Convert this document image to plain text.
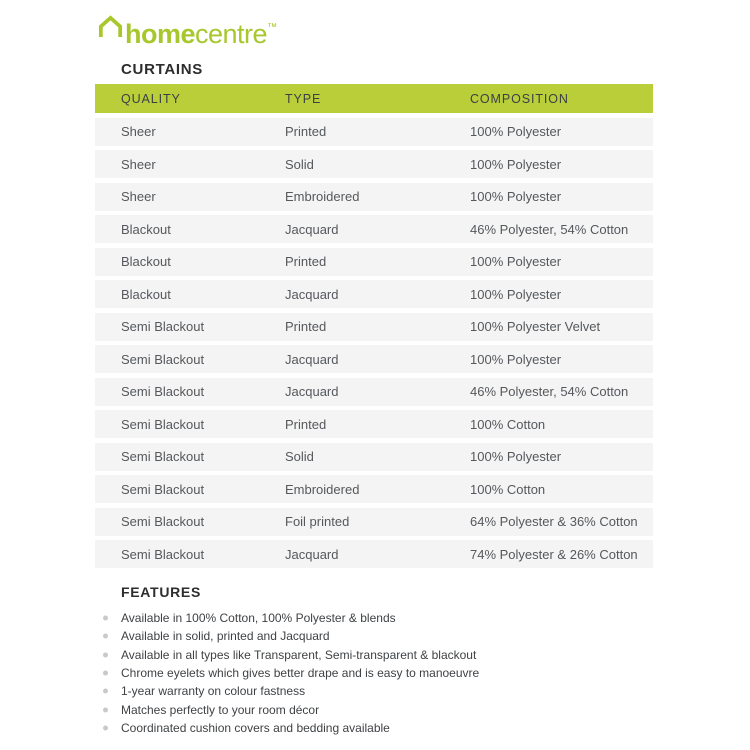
homecentre™
CURTAINS
QUALITY	TYPE	COMPOSITION
Sheer	Printed	100% Polyester
Sheer	Solid	100% Polyester
Sheer	Embroidered	100% Polyester
Blackout	Jacquard	46% Polyester, 54% Cotton
Blackout	Printed	100% Polyester
Blackout	Jacquard	100% Polyester
Semi Blackout	Printed	100% Polyester Velvet
Semi Blackout	Jacquard	100% Polyester
Semi Blackout	Jacquard	46% Polyester, 54% Cotton
Semi Blackout	Printed	100% Cotton
Semi Blackout	Solid	100% Polyester
Semi Blackout	Embroidered	100% Cotton
Semi Blackout	Foil printed	64% Polyester & 36% Cotton
Semi Blackout	Jacquard	74% Polyester & 26% Cotton
FEATURES
Available in 100% Cotton, 100% Polyester & blends
Available in solid, printed and Jacquard
Available in all types like Transparent, Semi-transparent & blackout
Chrome eyelets which gives better drape and is easy to manoeuvre
1-year warranty on colour fastness
Matches perfectly to your room décor
Coordinated cushion covers and bedding available
